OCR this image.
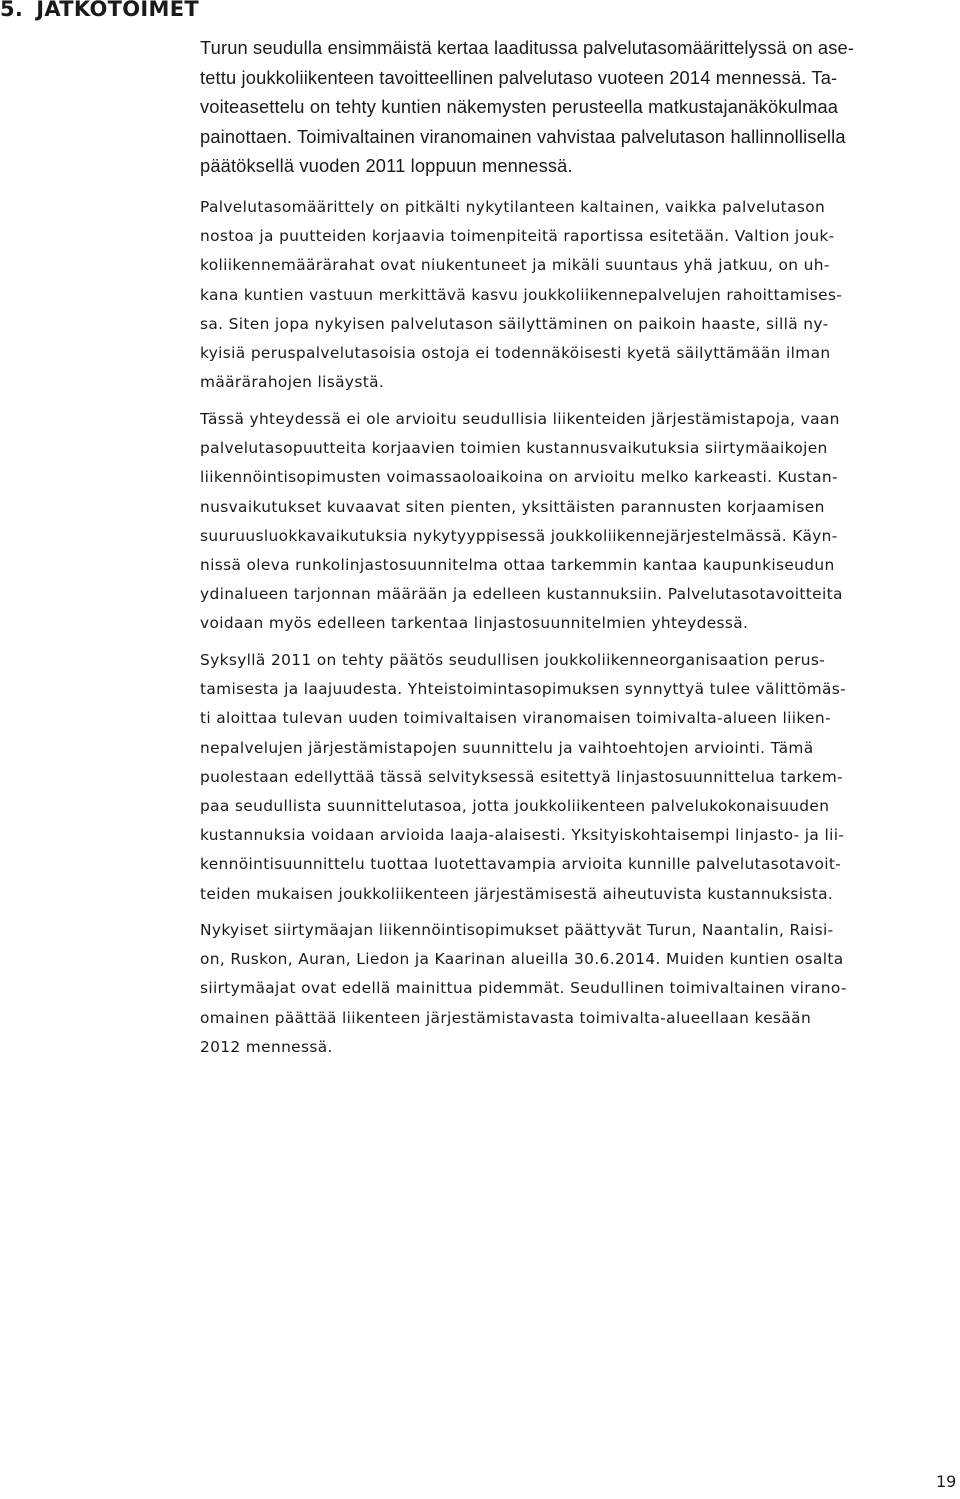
5. JATKOTOIMET
Turun seudulla ensimmäistä kertaa laaditussa palvelutasomäärittelyssä on ase-
tettu joukkoliikenteen tavoitteellinen palvelutaso vuoteen 2014 mennessä. Ta-
voiteasettelu on tehty kuntien näkemysten perusteella matkustajanäkökulmaa
painottaen. Toimivaltainen viranomainen vahvistaa palvelutason hallinnollisella
päätöksellä vuoden 2011 loppuun mennessä.
Palvelutasomäärittely on pitkälti nykytilanteen kaltainen, vaikka palvelutason
nostoa ja puutteiden korjaavia toimenpiteitä raportissa esitetään. Valtion jouk-
koliikennemäärärahat ovat niukentuneet ja mikäli suuntaus yhä jatkuu, on uh-
kana kuntien vastuun merkittävä kasvu joukkoliikennepalvelujen rahoittamises-
sa. Siten jopa nykyisen palvelutason säilyttäminen on paikoin haaste, sillä ny-
kyisiä peruspalvelutasoisia ostoja ei todennäköisesti kyetä säilyttämään ilman
määrärahojen lisäystä.
Tässä yhteydessä ei ole arvioitu seudullisia liikenteiden järjestämistapoja, vaan
palvelutasopuutteita korjaavien toimien kustannusvaikutuksia siirtymäaikojen
liikennöintisopimusten voimassaoloaikoina on arvioitu melko karkeasti. Kustan-
nusvaikutukset kuvaavat siten pienten, yksittäisten parannusten korjaamisen
suuruusluokkavaikutuksia nykytyyppisessä joukkoliikennejärjestelmässä. Käyn-
nissä oleva runkolinjastosuunnitelma ottaa tarkemmin kantaa kaupunkiseudun
ydinalueen tarjonnan määrään ja edelleen kustannuksiin. Palvelutasotavoitteita
voidaan myös edelleen tarkentaa linjastosuunnitelmien yhteydessä.
Syksyllä 2011 on tehty päätös seudullisen joukkoliikenneorganisaation perus-
tamisesta ja laajuudesta. Yhteistoimintasopimuksen synnyttyä tulee välittömäs-
ti aloittaa tulevan uuden toimivaltaisen viranomaisen toimivalta-alueen liiken-
nepalvelujen järjestämistapojen suunnittelu ja vaihtoehtojen arviointi. Tämä
puolestaan edellyttää tässä selvityksessä esitettyä linjastosuunnittelua tarkem-
paa seudullista suunnittelutasoa, jotta joukkoliikenteen palvelukokonaisuuden
kustannuksia voidaan arvioida laaja-alaisesti. Yksityiskohtaisempi linjasto- ja lii-
kennöintisuunnittelu tuottaa luotettavampia arvioita kunnille palvelutasotavoit-
teiden mukaisen joukkoliikenteen järjestämisestä aiheutuvista kustannuksista.
Nykyiset siirtymäajan liikennöintisopimukset päättyvät Turun, Naantalin, Raisi-
on, Ruskon, Auran, Liedon ja Kaarinan alueilla 30.6.2014. Muiden kuntien osalta
siirtymäajat ovat edellä mainittua pidemmät. Seudullinen toimivaltainen virano-
omainen päättää liikenteen järjestämistavasta toimivalta-alueellaan kesään
2012 mennessä.
19
